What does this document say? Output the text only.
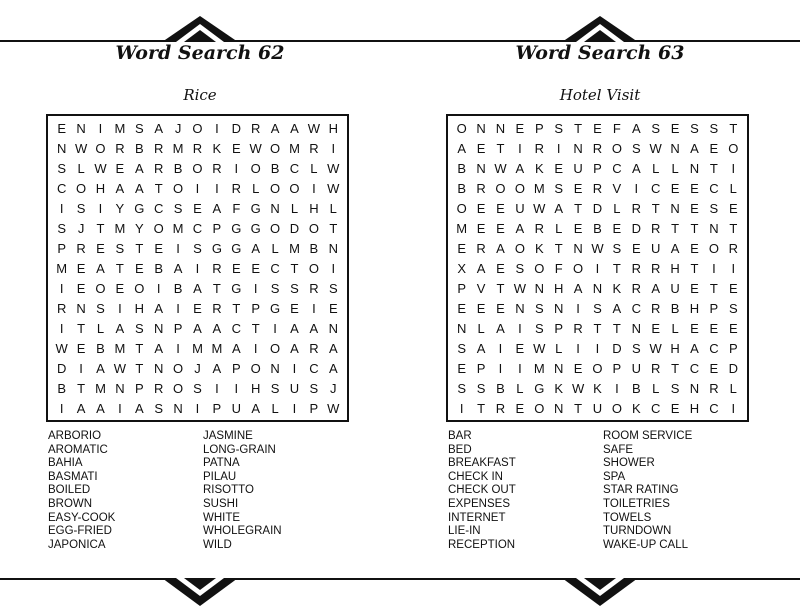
Word Search 62
Rice
E N I M S A J O I D R A A W H
N W O R B R M R K E W O M R I
S L W E A R B O R I O B C L W
C O H A A T O I	I R L O O I W
I	S	I	Y G C S E A F G N L H L
S J T M Y O M C P G G O D O T
P R E S T E	I	S G G A L M B N
M E A T E B A	I R E E C T O I
I	E O E O I	B A T G I	S S R S
R N S	I H A	I	E R T P G E	I	E
I	T L A S N P A A C T	I	A A N
W E B M T A	I M M A	I O A R A
D I	A W T N O J A P O N I C A
B T M N P R O S	I	I H S U S J
I	A A	I	A S N I	P U A L	I	P W
ARBORIO
AROMATIC
BAHIA
BASMATI
BOILED
BROWN
EASY-COOK
EGG-FRIED
JAPONICA
JASMINE
LONG-GRAIN
PATNA
PILAU
RISOTTO
SUSHI
WHITE
WHOLEGRAIN
WILD
Word Search 63
Hotel Visit
O N N E P S T E F A S E S S T
A E T	I R I N R O S W N A E O
B N W A K E U P C A L L N T	I
B R O O M S E R V	I C E E C L
O E E U W A T D L R T N E S E
M E E A R L E B E D R T T N T
E R A O K T N W S E U A E O R
X A E S O F O I	T R R H T	I	I
P V T W N H A N K R A U E T E
E E E N S N I	S A C R B H P S
N L A	I	S P R T T N E L E E E
S A	I	E W L	I	I D S W H A C P
E P	I	I M N E O P U R T C E D
S S B L G K W K	I	B L S N R L
I	T R E O N T U O K C E H C I
BAR
BED
BREAKFAST
CHECK IN
CHECK OUT
EXPENSES
INTERNET
LIE-IN
RECEPTION
ROOM SERVICE
SAFE
SHOWER
SPA
STAR RATING
TOILETRIES
TOWELS
TURNDOWN
WAKE-UP CALL
